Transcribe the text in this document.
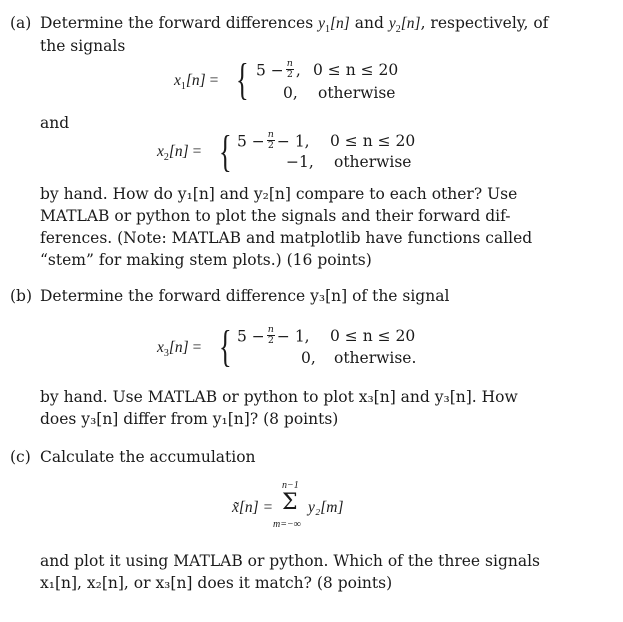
(a) Determine the forward differences $y_1[n]$ and $y_2[n]$, respectively, of
the signals
$x_1[n]$ = { $5 - \frac{n}{2}$ , 0 ≤ n ≤ 20
0, otherwise
and
$x_2[n]$ = { $5 - \frac{n}{2} - 1$, 0 ≤ n ≤ 20
−1, otherwise
by hand. How do y₁[n] and y₂[n] compare to each other? Use
MATLAB or python to plot the signals and their forward dif-
ferences. (Note: MATLAB and matplotlib have functions called
“stem” for making stem plots.) (16 points)
(b) Determine the forward difference y₃[n] of the signal
$x_3[n]$ = { $5 - \frac{n}{2} - 1$, 0 ≤ n ≤ 20
0, otherwise.
by hand. Use MATLAB or python to plot x₃[n] and y₃[n]. How
does y₃[n] differ from y₁[n]? (8 points)
(c) Calculate the accumulation
x̃[n] =
n−1
Σ
m=−∞
y₂[m]
and plot it using MATLAB or python. Which of the three signals
x₁[n], x₂[n], or x₃[n] does it match? (8 points)
